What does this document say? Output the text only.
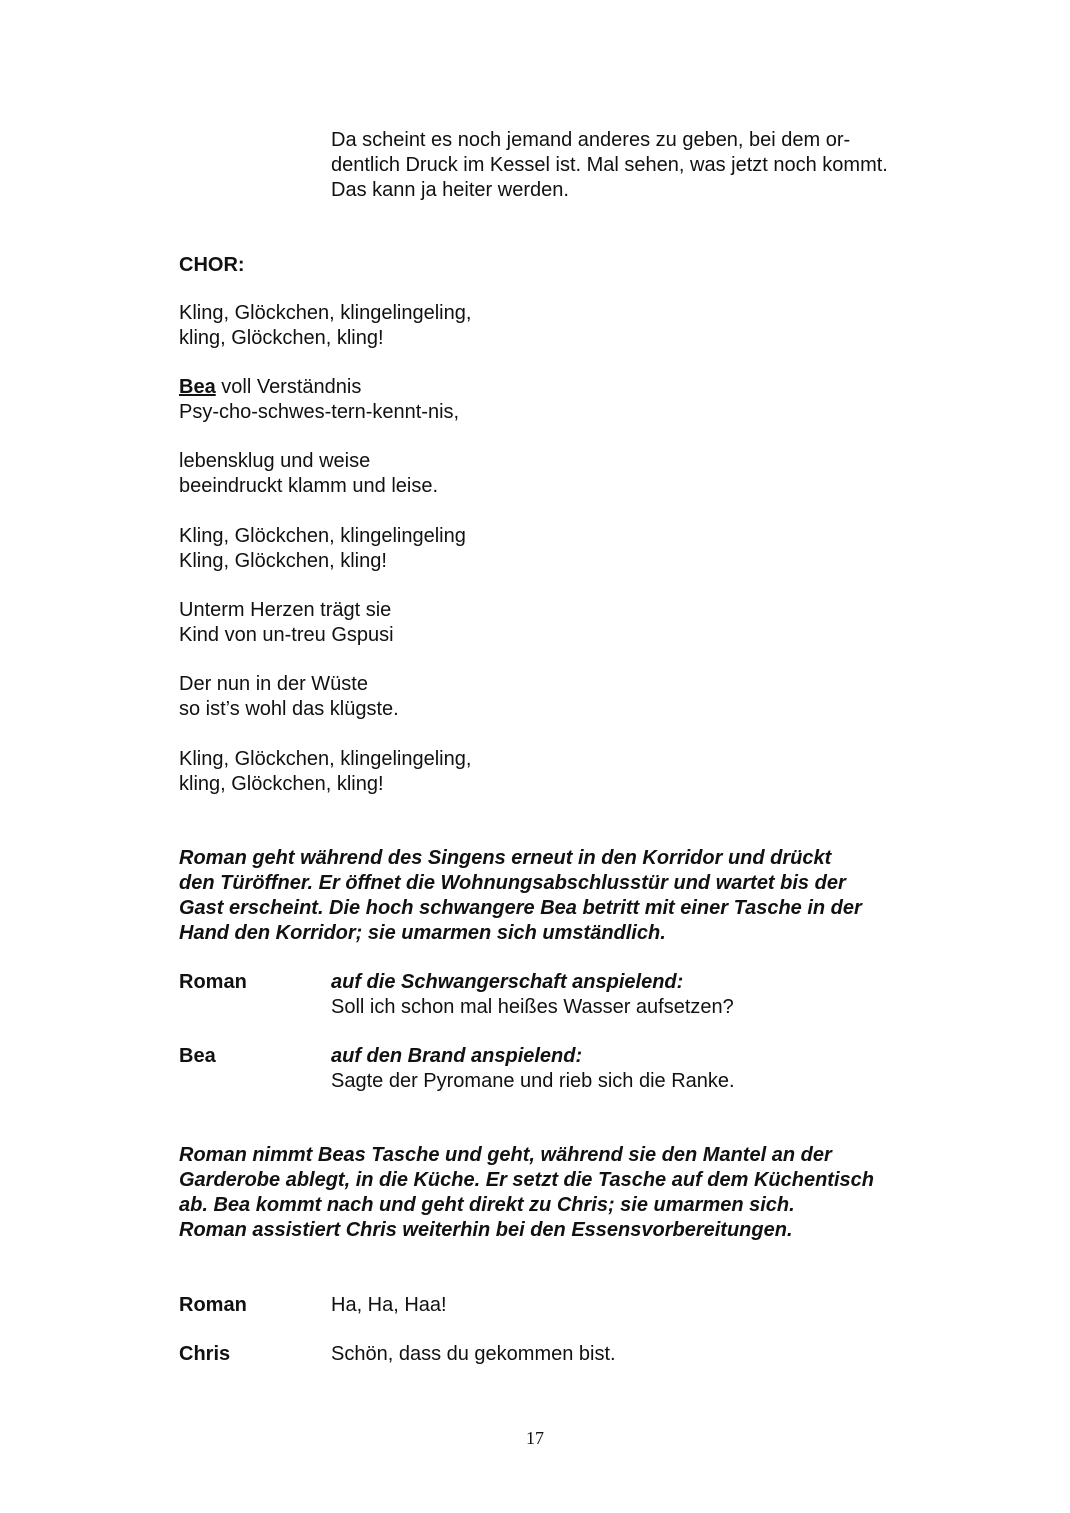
Da scheint es noch jemand anderes zu geben, bei dem or-
dentlich Druck im Kessel ist. Mal sehen, was jetzt noch kommt.
Das kann ja heiter werden.
CHOR:
Kling, Glöckchen, klingelingeling,
kling, Glöckchen, kling!
Bea voll Verständnis
Psy-cho-schwes-tern-kennt-nis,
lebensklug und weise
beeindruckt klamm und leise.
Kling, Glöckchen, klingelingeling
Kling, Glöckchen, kling!
Unterm Herzen trägt sie
Kind von un-treu Gspusi
Der nun in der Wüste
so ist’s wohl das klügste.
Kling, Glöckchen, klingelingeling,
kling, Glöckchen, kling!
Roman geht während des Singens erneut in den Korridor und drückt
den Türöffner. Er öffnet die Wohnungsabschlusstür und wartet bis der
Gast erscheint. Die hoch schwangere Bea betritt mit einer Tasche in der
Hand den Korridor; sie umarmen sich umständlich.
Roman	auf die Schwangerschaft anspielend:
Soll ich schon mal heißes Wasser aufsetzen?
Bea	auf den Brand anspielend:
Sagte der Pyromane und rieb sich die Ranke.
Roman nimmt Beas Tasche und geht, während sie den Mantel an der
Garderobe ablegt, in die Küche. Er setzt die Tasche auf dem Küchentisch
ab. Bea kommt nach und geht direkt zu Chris; sie umarmen sich.
Roman assistiert Chris weiterhin bei den Essensvorbereitungen.
Roman	Ha, Ha, Haa!
Chris	Schön, dass du gekommen bist.
17
